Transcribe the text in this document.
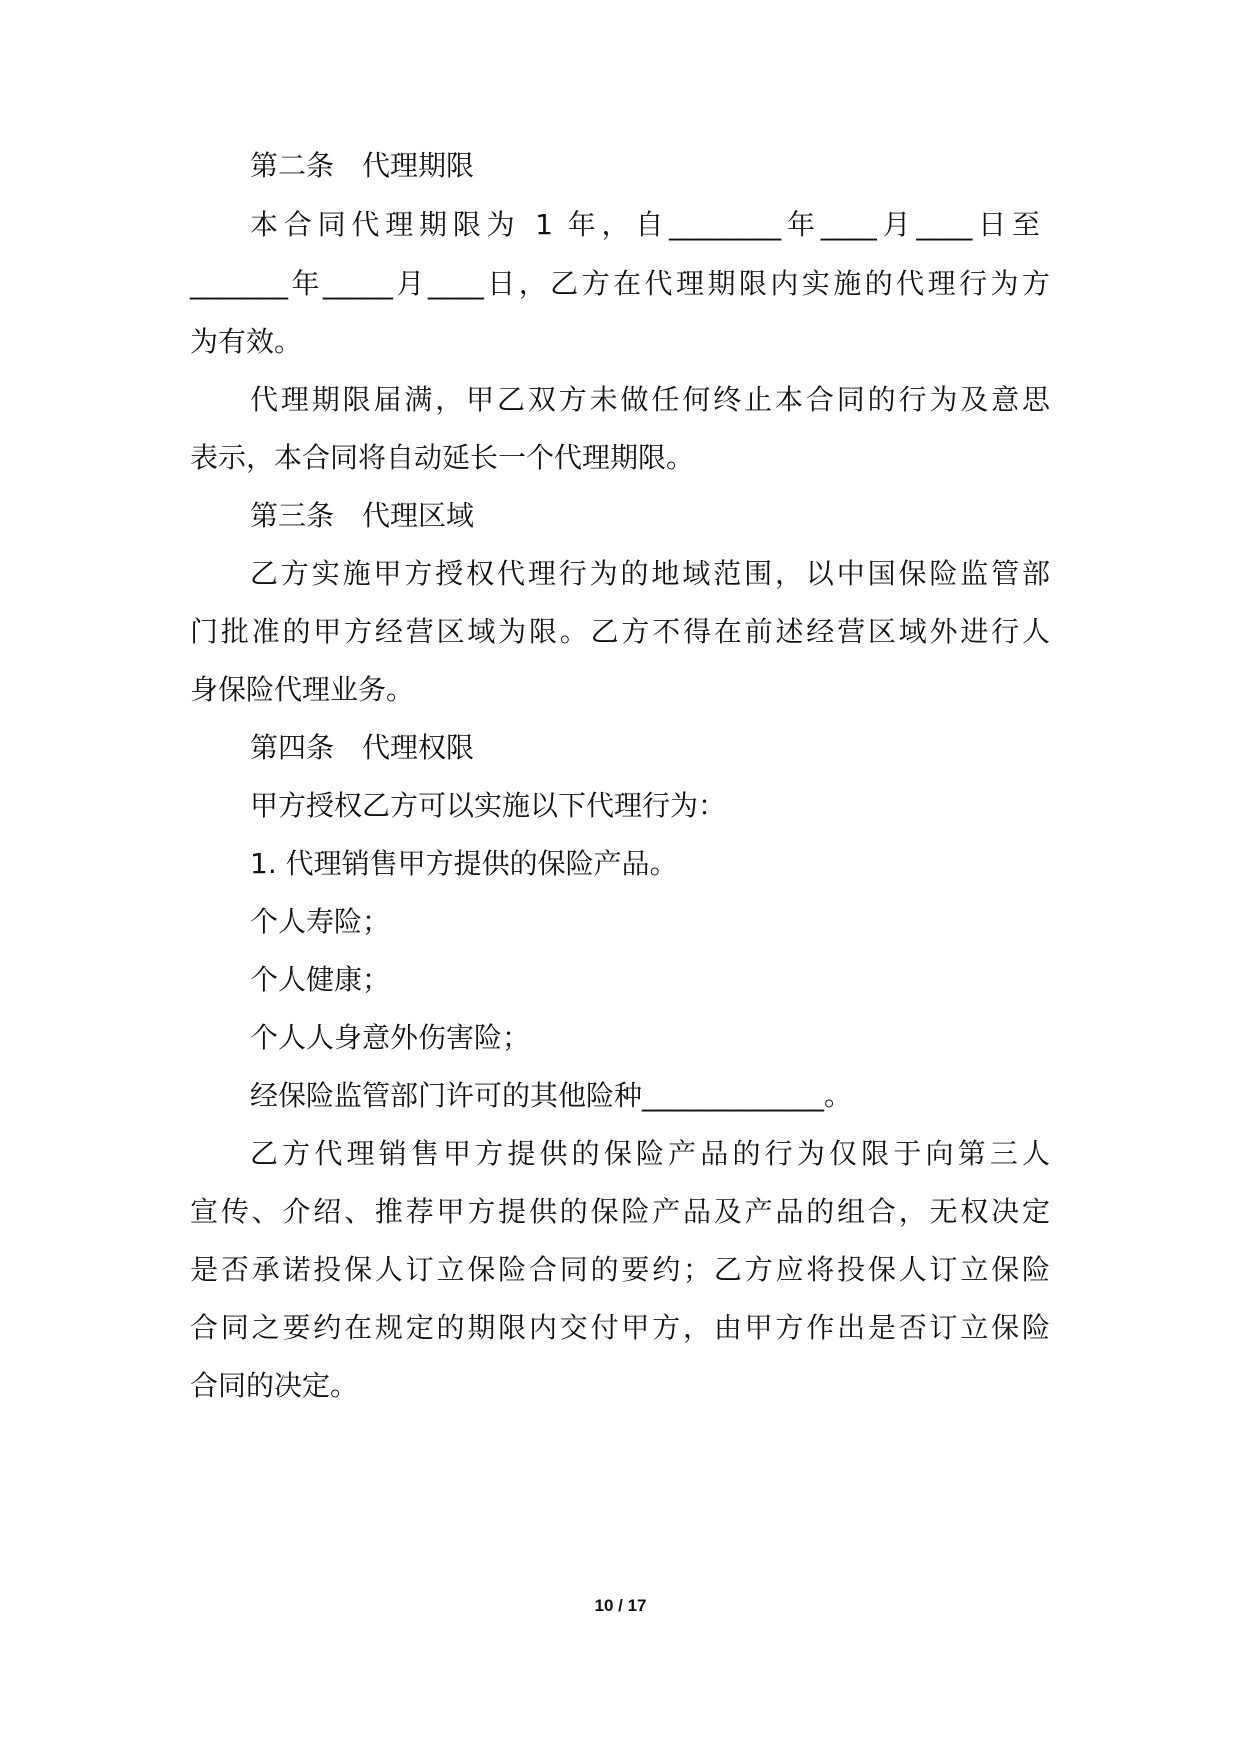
第二条　代理期限
本合同代理期限为 1 年，自________年____月____日至
_______年_____月____日，乙方在代理期限内实施的代理行为方
为有效。
代理期限届满，甲乙双方未做任何终止本合同的行为及意思
表示，本合同将自动延长一个代理期限。
第三条　代理区域
乙方实施甲方授权代理行为的地域范围，以中国保险监管部
门批准的甲方经营区域为限。乙方不得在前述经营区域外进行人
身保险代理业务。
第四条　代理权限
甲方授权乙方可以实施以下代理行为：
1. 代理销售甲方提供的保险产品。
个人寿险；
个人健康；
个人人身意外伤害险；
经保险监管部门许可的其他险种_____________。
乙方代理销售甲方提供的保险产品的行为仅限于向第三人
宣传、介绍、推荐甲方提供的保险产品及产品的组合，无权决定
是否承诺投保人订立保险合同的要约；乙方应将投保人订立保险
合同之要约在规定的期限内交付甲方，由甲方作出是否订立保险
合同的决定。
10 / 17
